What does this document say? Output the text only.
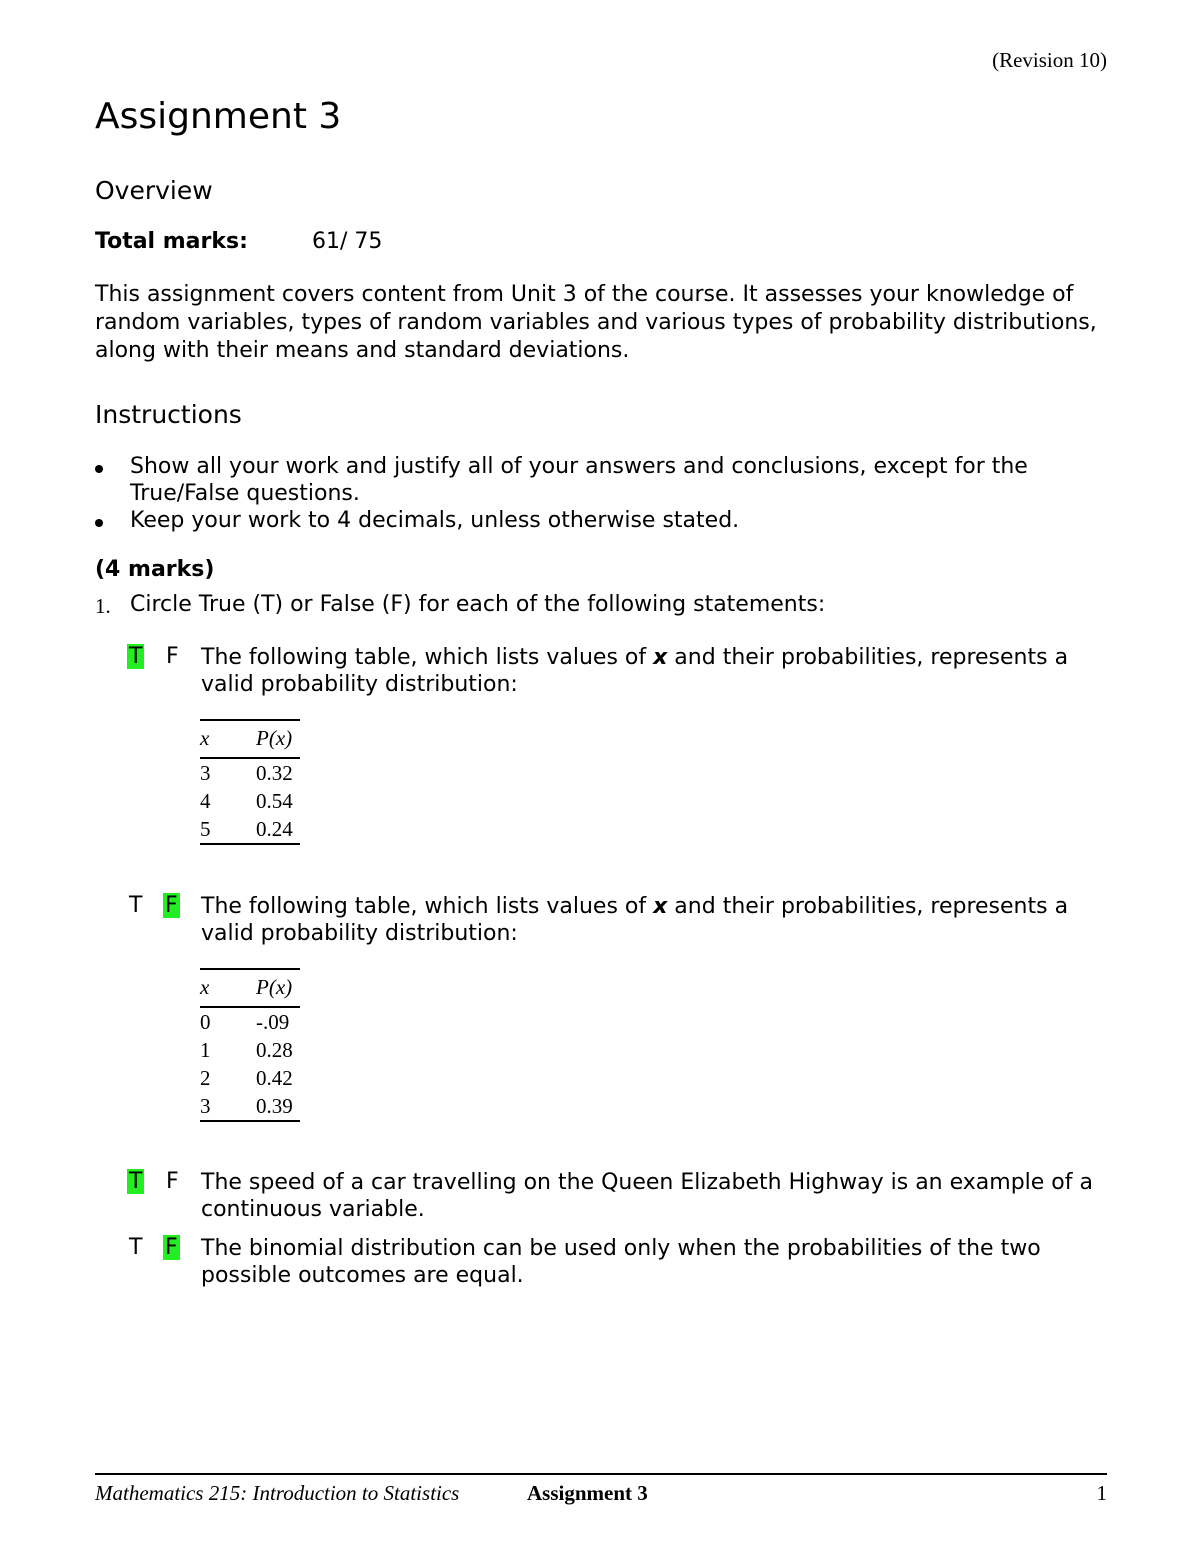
(Revision 10)
Assignment 3
Overview
Total marks:	61/ 75
This assignment covers content from Unit 3 of the course. It assesses your knowledge of random variables, types of random variables and various types of probability distributions, along with their means and standard deviations.
Instructions
Show all your work and justify all of your answers and conclusions, except for the True/False questions.
Keep your work to 4 decimals, unless otherwise stated.
(4 marks)
1. Circle True (T) or False (F) for each of the following statements:
T F The following table, which lists values of x and their probabilities, represents a valid probability distribution:
x	P(x)
3	0.32
4	0.54
5	0.24
T F The following table, which lists values of x and their probabilities, represents a valid probability distribution:
x	P(x)
0	-.09
1	0.28
2	0.42
3	0.39
T F The speed of a car travelling on the Queen Elizabeth Highway is an example of a continuous variable.
T F The binomial distribution can be used only when the probabilities of the two possible outcomes are equal.
Mathematics 215: Introduction to Statistics	Assignment 3	1
